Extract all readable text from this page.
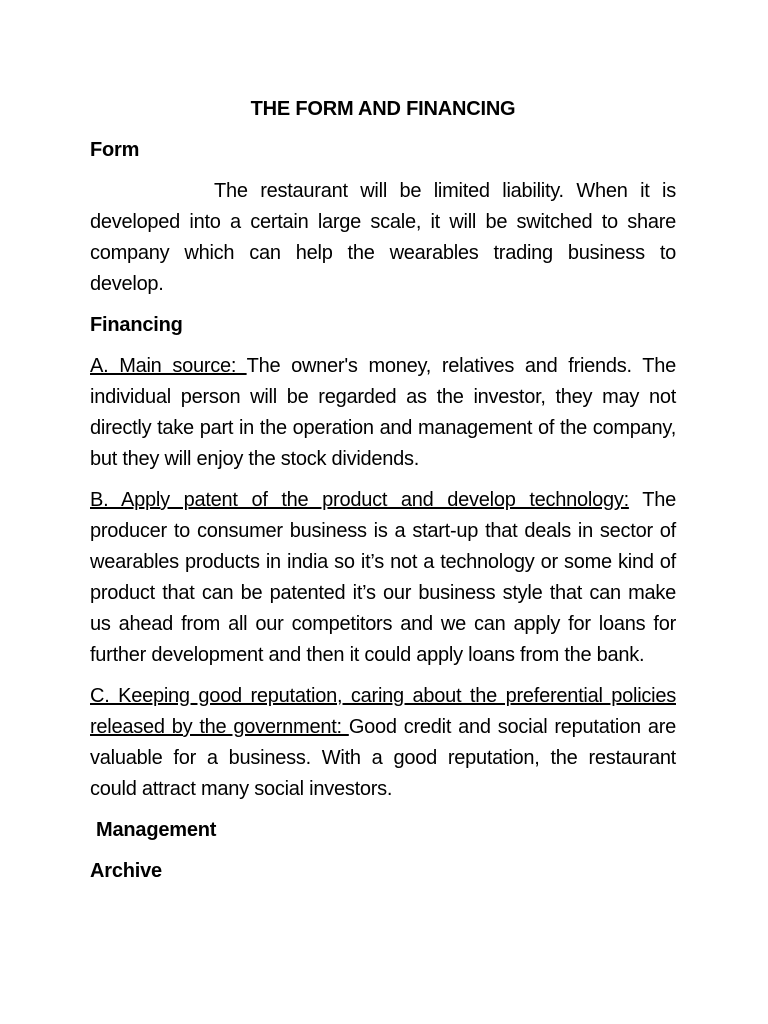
THE FORM AND FINANCING
Form
The restaurant will be limited liability. When it is developed into a certain large scale, it will be switched to share company which can help the wearables trading business to develop.
Financing
A. Main source: The owner's money, relatives and friends. The individual person will be regarded as the investor, they may not directly take part in the operation and management of the company, but they will enjoy the stock dividends.
B. Apply patent of the product and develop technology: The producer to consumer business is a start-up that deals in sector of wearables products in india so it’s not a technology or some kind of product that can be patented it’s our business style that can make us ahead from all our competitors and we can apply for loans for further development and then it could apply loans from the bank.
C. Keeping good reputation, caring about the preferential policies released by the government: Good credit and social reputation are valuable for a business. With a good reputation, the restaurant could attract many social investors.
Management
Archive
